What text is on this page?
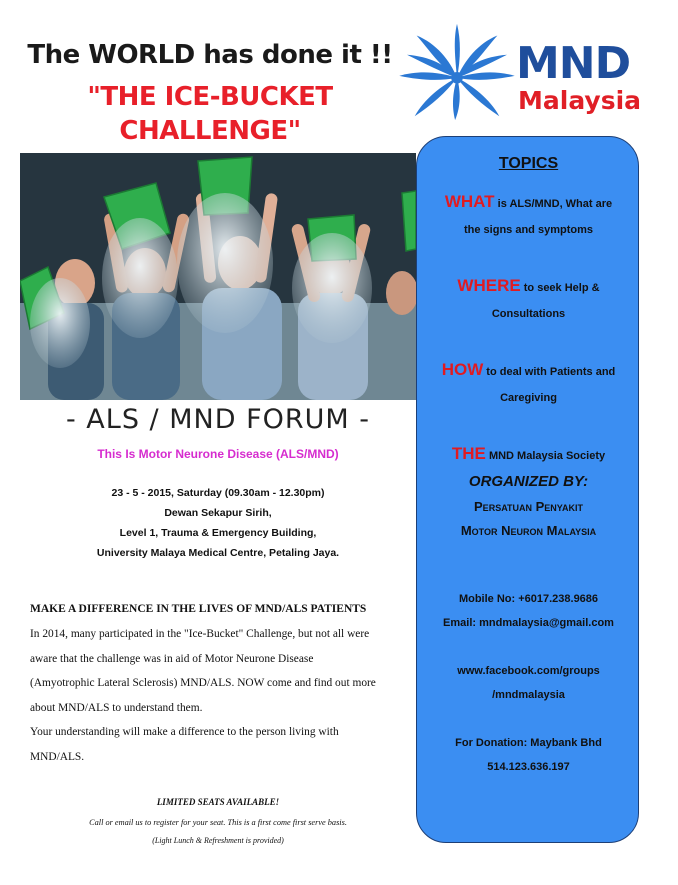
The WORLD has done it !!
"THE ICE-BUCKET
CHALLENGE"
MND
Malaysia
- ALS / MND FORUM -
This Is Motor Neurone Disease (ALS/MND)
23 - 5 - 2015, Saturday (09.30am - 12.30pm)
Dewan Sekapur Sirih,
Level 1, Trauma & Emergency Building,
University Malaya Medical Centre, Petaling Jaya.
MAKE A DIFFERENCE IN THE LIVES OF MND/ALS PATIENTS

In 2014, many participated in the "Ice-Bucket" Challenge, but not all were

aware that the challenge was in aid of Motor Neurone Disease

(Amyotrophic Lateral Sclerosis) MND/ALS. NOW come and find out more

about MND/ALS to understand them.

Your understanding will make a difference to the person living with

MND/ALS.

LIMITED SEATS AVAILABLE!
Call or email us to register for your seat. This is a first come first serve basis.
(Light Lunch & Refreshment is provided)
TOPICS
WHAT is ALS/MND, What are
the signs and symptoms
WHERE to seek Help &
Consultations
HOW to deal with Patients and
Caregiving
THE MND Malaysia Society
ORGANIZED BY:
Persatuan Penyakit
Motor Neuron Malaysia
Mobile No: +6017.238.9686
Email: mndmalaysia@gmail.com
www.facebook.com/groups
/mndmalaysia
For Donation: Maybank Bhd
514.123.636.197
